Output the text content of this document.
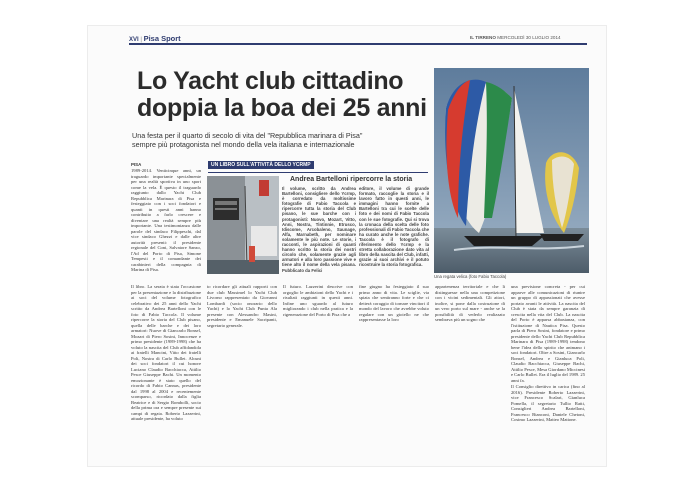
XVI | Pisa Sport	IL TIRRENO MERCOLEDÌ 30 LUGLIO 2014
Lo Yacht club cittadino
doppia la boa dei 25 anni
Una festa per il quarto di secolo di vita del "Repubblica marinara di Pisa"
sempre più protagonista nel mondo della vela italiana e internazionale
Una regata velica (foto Fabio Taccola)
PISA
1989-2014. Venticinque anni, un traguardo importante specialmente per una realtà sportiva in uno sport come la vela. È questo il traguardo raggiunto dallo Yacht Club Repubblica Marinara di Pisa e festeggiato con i soci fondatori e quanti in questi anni hanno contribuito a farlo crescere e diventare una realtà sempre più importante. Una testimonianza dalle parole del sindaco Filippeschi, dal vice sindaco Ghezzi e dalle altre autorità presenti: il presidente regionale del Coni, Salvatore Sanzo, l'Ad del Porto di Pisa, Simone Tempesti e il comandante dei carabinieri della compagnia di Marina di Pisa.
UN LIBRO SULL'ATTIVITÀ DELLO YCRMP
Andrea Bartelloni ripercorre la storia
Il volume, scritto da Andrea Bartelloni, consigliere dello Ycrmp, è corredato da moltissime fotografie di Fabio Taccola e ripercorre tutta la storia del Club pisano, le sue barche con i protagonisti: Nuovo, Mozart, Vitto, Anni, Nostra, Tintinnie, Etrusco, Idiscome, Arcobaleno, Saunage, Alfa, Marnabeth, per nominare solamente le più note. Le storie, i racconti, le aspirazioni di quanti hanno scritto la storia dei nostri circolo che, solamente grazie agli armatori e alla loro passione vive e tiene alto il nome della vela pisana. Pubblicato da Felici
editore, il volume di grande formato, raccoglie la storia e il lavoro fatto in questi anni, le immagini hanno fornite a Bartelloni tra cui le scelte delle foto e dei nomi di Fabio Taccola con le sue fotografie. Qui si trova la cronaca della scelta delle foto professionali di Fabio Taccola che ha curato anche le note grafiche. Taccola è il fotografo di riferimento dello Ycrmp e la stretta collaborazione dato vita al libro della nascita del Club, infatti, grazie ai suoi archivi e il potuto ricostruire la storia fotografica.
Il libro. La serata è stata l'occasione per la presentazione e la distribuzione ai soci del volume fotografico celebrativo dei 25 anni dello Yacht scritto da Andrea Bartelloni con le foto di Fabio Taccola. Il volume ripercorre la storia del Club pisano, quella delle barche e dei loro armatori: Nuove di Giancarlo Bonsel, Mozart di Piero Sosini, Innocenze e primo presidente (1989-1998) che ha voluto la nascita del Club affidandola ai fratelli Mancini, Vitto dei fratelli Poli, Nostra di Carlo Bullet. Alcuni dei soci fondatori il cui honore Luciano Claudio Bacchiacca, Attilio Pesce Giuseppe Bachi. Un momento emozionante è stato quello del ricordo di Fabio Cannas, presidente dal 1998 al 2004 e recentemente scomparso, ricordato dalla figlia Beatrice e di Sergio Rombolli, socio della prima ora e sempre presente sui campi di regata. Roberto Lazzerini, attuale presidente, ha voluto
to ricordare gli attuali rapporti con due club Massimel lo Yacht Club Livorno rappresentato da Giovanni Lombardi (socio onorario dello Yacht) e lo Yacht Club Punta Ala presente con Alessandro Masini, presidente e Emanuele Sacripanti, segretario generale.
Il futuro. Lazzerini descrive con orgoglio le ambizioni dello Yacht e i risultati raggiunti in questi anni. Infine uno sguardo al futuro migliorando i club nella pratica e la rigenerazione del Porto di Pisa che a
fine giugno ha festeggiato il suo primo anno di vita. Le sciglie, via spiata che sentiranno forte e che ci detterà coraggio di tornare vincitori il mondo del lavoro che avrebbe voluto regalare con un gioiello ne che rappresentasse la loro
appartenenza territoriale e che li distinguesse nella una competizione con i vicini sedimentali. Gli attori, inoltre, si pone dalla costruzione di un vero porto sul mare - anche se la possibilità di vederlo realizzato sembrava più un sogno che
una previsione concreta - per cui apparve alle comunicazioni di riunire un gruppo di appassionati che avesse portato avanti le attività. La nascita del Club è stata da sempre garanzia di crescita nella vita del Club. La nascita del Porto è apparsa abbastanza, con l'istituzione di Nautica Pisa. Questo parla di Piero Sosini, fondatore e primo presidente dello Yacht Club Repubblica Marinara di Pisa (1989-1998) tendono bene l'idea dello spirito che animano i soci fondatori. Oltre a Sosini, Giancarlo Bonsel, Andrea e Gianluca Poli, Claudio Bacchiacca, Giuseppe Bachi, Attilio Pesce, Mesa Giordano Miccinesi e Carlo Bullet. Era il luglio del 1989. 25 anni fa.
Il Consiglio direttivo in carica (fino al 2016). Presidente Roberto Lazzerini, vice Francesco Scalari, Gianluca Pomella, il segretario Tullio Ratti, Consiglieri Andrea Bartelloni, Francesco Bianconi, Daniele Chetoni, Cosimo Lazzerini, Matteo Mattone.
